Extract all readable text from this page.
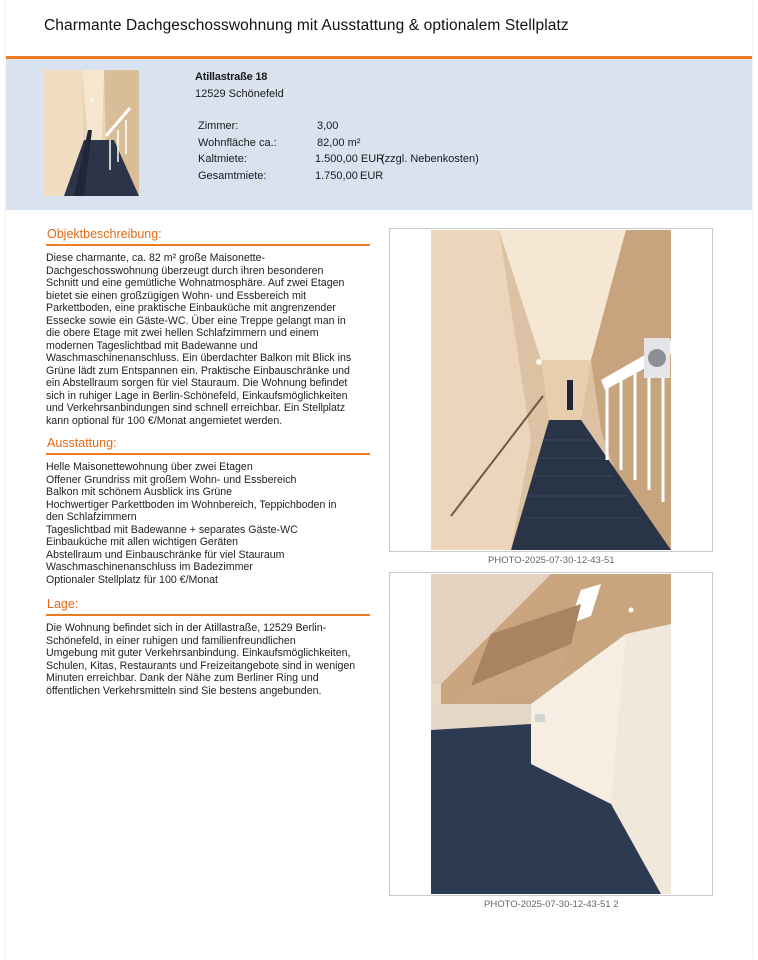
Charmante Dachgeschosswohnung mit Ausstattung & optionalem Stellplatz
Atillastraße 18
12529 Schönefeld
Zimmer:	3,00
Wohnfläche ca.:	82,00 m²
Kaltmiete:	1.500,00 EUR
(zzgl. Nebenkosten)
Gesamtmiete:	1.750,00 EUR
Objektbeschreibung:
Diese charmante, ca. 82 m² große Maisonette-
Dachgeschosswohnung überzeugt durch ihren besonderen
Schnitt und eine gemütliche Wohnatmosphäre. Auf zwei Etagen
bietet sie einen großzügigen Wohn- und Essbereich mit
Parkettboden, eine praktische Einbauküche mit angrenzender
Essecke sowie ein Gäste-WC. Über eine Treppe gelangt man in
die obere Etage mit zwei hellen Schlafzimmern und einem
modernen Tageslichtbad mit Badewanne und
Waschmaschinenanschluss. Ein überdachter Balkon mit Blick ins
Grüne lädt zum Entspannen ein. Praktische Einbauschränke und
ein Abstellraum sorgen für viel Stauraum. Die Wohnung befindet
sich in ruhiger Lage in Berlin-Schönefeld, Einkaufsmöglichkeiten
und Verkehrsanbindungen sind schnell erreichbar. Ein Stellplatz
kann optional für 100 €/Monat angemietet werden.
Ausstattung:
Helle Maisonettewohnung über zwei Etagen
Offener Grundriss mit großem Wohn- und Essbereich
Balkon mit schönem Ausblick ins Grüne
Hochwertiger Parkettboden im Wohnbereich, Teppichboden in
den Schlafzimmern
Tageslichtbad mit Badewanne + separates Gäste-WC
Einbauküche mit allen wichtigen Geräten
Abstellraum und Einbauschränke für viel Stauraum
Waschmaschinenanschluss im Badezimmer
Optionaler Stellplatz für 100 €/Monat
Lage:
Die Wohnung befindet sich in der Atillastraße, 12529 Berlin-
Schönefeld, in einer ruhigen und familienfreundlichen
Umgebung mit guter Verkehrsanbindung. Einkaufsmöglichkeiten,
Schulen, Kitas, Restaurants und Freizeitangebote sind in wenigen
Minuten erreichbar. Dank der Nähe zum Berliner Ring und
öffentlichen Verkehrsmitteln sind Sie bestens angebunden.
PHOTO-2025-07-30-12-43-51
PHOTO-2025-07-30-12-43-51 2
